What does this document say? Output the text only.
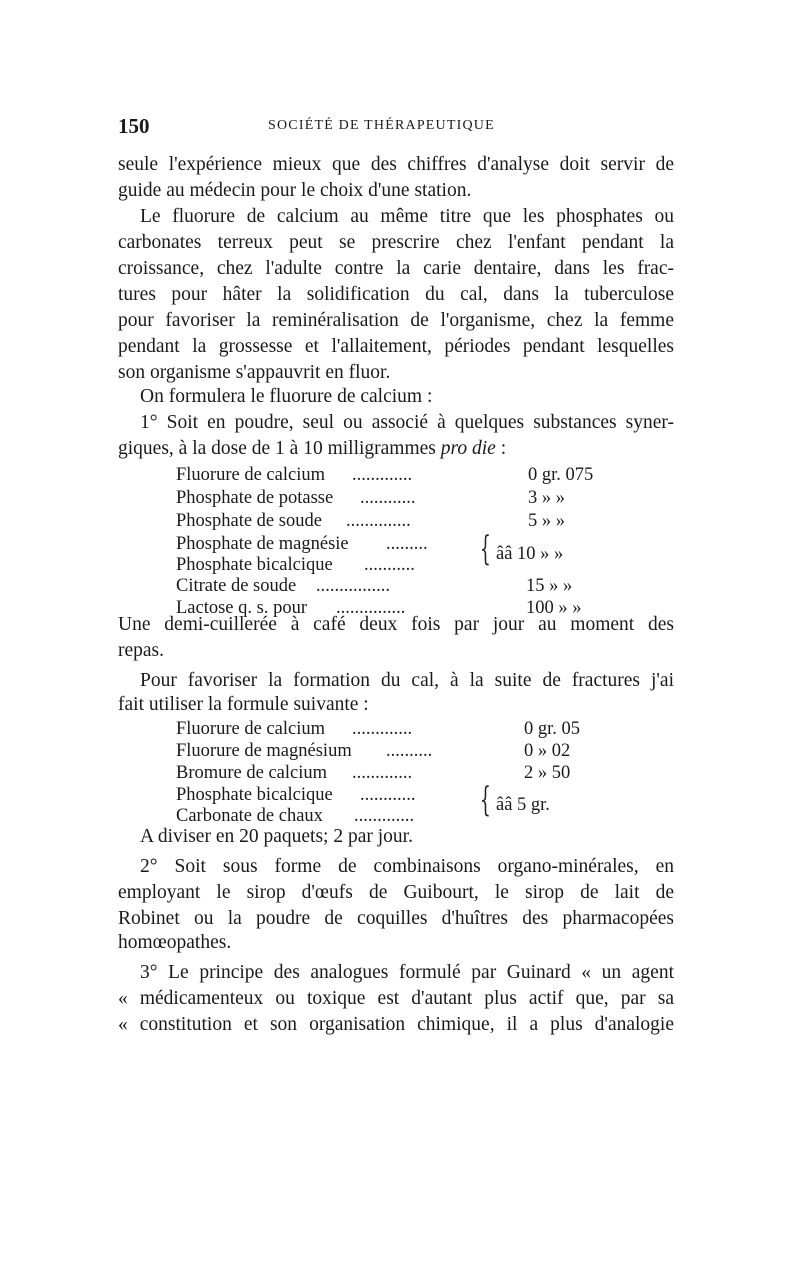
150	SOCIÉTÉ DE THÉRAPEUTIQUE
seule l'expérience mieux que des chiffres d'analyse doit servir de
guide au médecin pour le choix d'une station.
Le fluorure de calcium au même titre que les phosphates ou
carbonates terreux peut se prescrire chez l'enfant pendant la
croissance, chez l'adulte contre la carie dentaire, dans les frac-
tures pour hâter la solidification du cal, dans la tuberculose
pour favoriser la reminéralisation de l'organisme, chez la femme
pendant la grossesse et l'allaitement, périodes pendant lesquelles
son organisme s'appauvrit en fluor.
On formulera le fluorure de calcium :
1° Soit en poudre, seul ou associé à quelques substances syner-
giques, à la dose de 1 à 10 milligrammes pro die :
Fluorure de calcium .............	0 gr. 075
Phosphate de potasse ............	3 » »
Phosphate de soude ..............	5 » »
Phosphate de magnésie .........
Phosphate bicalcique ........... { ââ 10 » »
Citrate de soude ................	15 » »
Lactose q. s. pour ...............	100 » »
Une demi-cuillerée à café deux fois par jour au moment des
repas.
Pour favoriser la formation du cal, à la suite de fractures j'ai
fait utiliser la formule suivante :
Fluorure de calcium .............	0 gr. 05
Fluorure de magnésium ..........	0 » 02
Bromure de calcium .............	2 » 50
Phosphate bicalcique ............
Carbonate de chaux ............. { ââ 5 gr.
A diviser en 20 paquets; 2 par jour.
2° Soit sous forme de combinaisons organo-minérales, en
employant le sirop d'œufs de Guibourt, le sirop de lait de
Robinet ou la poudre de coquilles d'huîtres des pharmacopées
homœopathes.
3° Le principe des analogues formulé par Guinard « un agent
« médicamenteux ou toxique est d'autant plus actif que, par sa
« constitution et son organisation chimique, il a plus d'analogie
